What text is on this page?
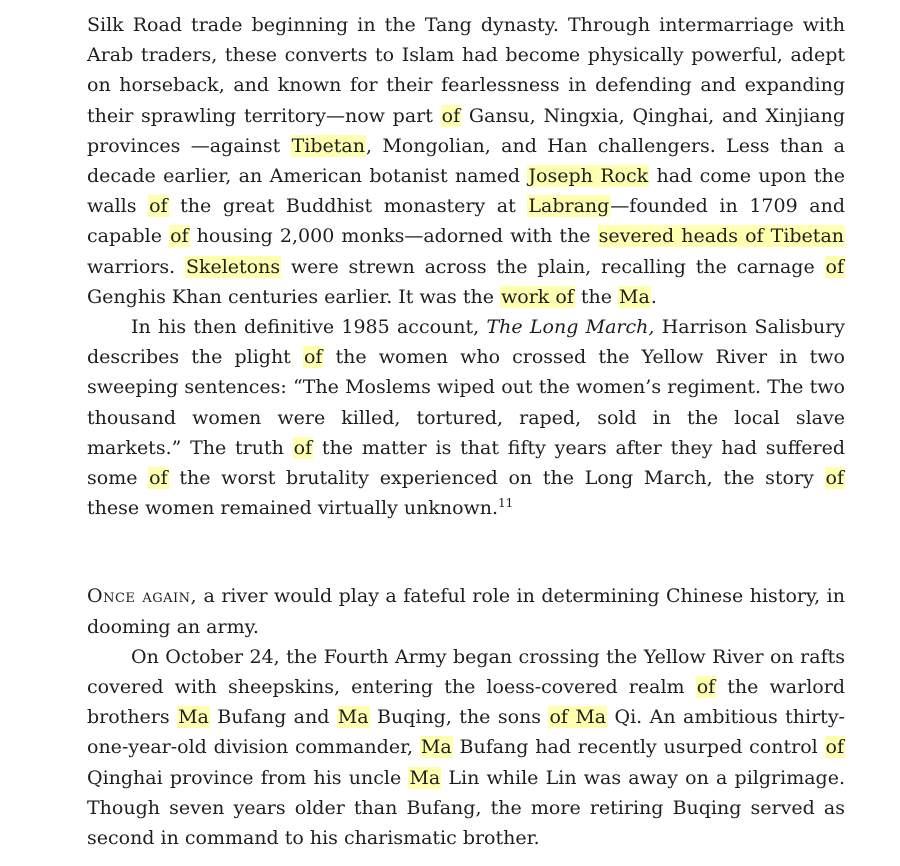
Silk Road trade beginning in the Tang dynasty. Through intermarriage with Arab traders, these converts to Islam had become physically powerful, adept on horseback, and known for their fearlessness in defending and expanding their sprawling territory—now part of Gansu, Ningxia, Qinghai, and Xinjiang provinces —against Tibetan, Mongolian, and Han challengers. Less than a decade earlier, an American botanist named Joseph Rock had come upon the walls of the great Buddhist monastery at Labrang—founded in 1709 and capable of housing 2,000 monks—adorned with the severed heads of Tibetan warriors. Skeletons were strewn across the plain, recalling the carnage of Genghis Khan centuries earlier. It was the work of the Ma.

In his then definitive 1985 account, The Long March, Harrison Salisbury describes the plight of the women who crossed the Yellow River in two sweeping sentences: “The Moslems wiped out the women’s regiment. The two thousand women were killed, tortured, raped, sold in the local slave markets.” The truth of the matter is that fifty years after they had suffered some of the worst brutality experienced on the Long March, the story of these women remained virtually unknown.$^{11}$

Once again, a river would play a fateful role in determining Chinese history, in dooming an army.

On October 24, the Fourth Army began crossing the Yellow River on rafts covered with sheepskins, entering the loess-covered realm of the warlord brothers Ma Bufang and Ma Buqing, the sons of Ma Qi. An ambitious thirty-one-year-old division commander, Ma Bufang had recently usurped control of Qinghai province from his uncle Ma Lin while Lin was away on a pilgrimage. Though seven years older than Bufang, the more retiring Buqing served as second in command to his charismatic brother.
